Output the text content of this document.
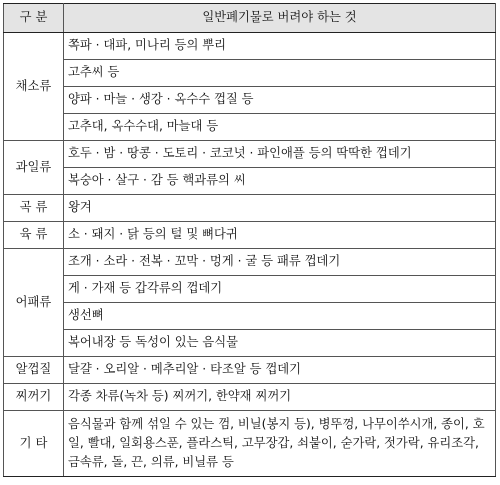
구 분	일반폐기물로 버려야 하는 것
채소류	쪽파 · 대파, 미나리 등의 뿌리
	고추씨 등
	양파 · 마늘 · 생강 · 옥수수 껍질 등
	고추대, 옥수수대, 마늘대 등
과일류	호두 · 밤 · 땅콩 · 도토리 · 코코넛 · 파인애플 등의 딱딱한 껍데기
	복숭아 · 살구 · 감 등 핵과류의 씨
곡 류	왕겨
육 류	소 · 돼지 · 닭 등의 털 및 뼈다귀
어패류	조개 · 소라 · 전복 · 꼬막 · 멍게 · 굴 등 패류 껍데기
	게 · 가재 등 갑각류의 껍데기
	생선뼈
	복어내장 등 독성이 있는 음식물
알껍질	달걀 · 오리알 · 메추리알 · 타조알 등 껍데기
찌꺼기	각종 차류(녹차 등) 찌꺼기, 한약재 찌꺼기
기 타	음식물과 함께 섞일 수 있는 껌, 비닐(봉지 등), 병뚜껑, 나무이쑤시개, 종이, 호일, 빨대, 일회용스푼, 플라스틱, 고무장갑, 쇠붙이, 숟가락, 젓가락, 유리조각, 금속류, 돌, 끈, 의류, 비닐류 등
